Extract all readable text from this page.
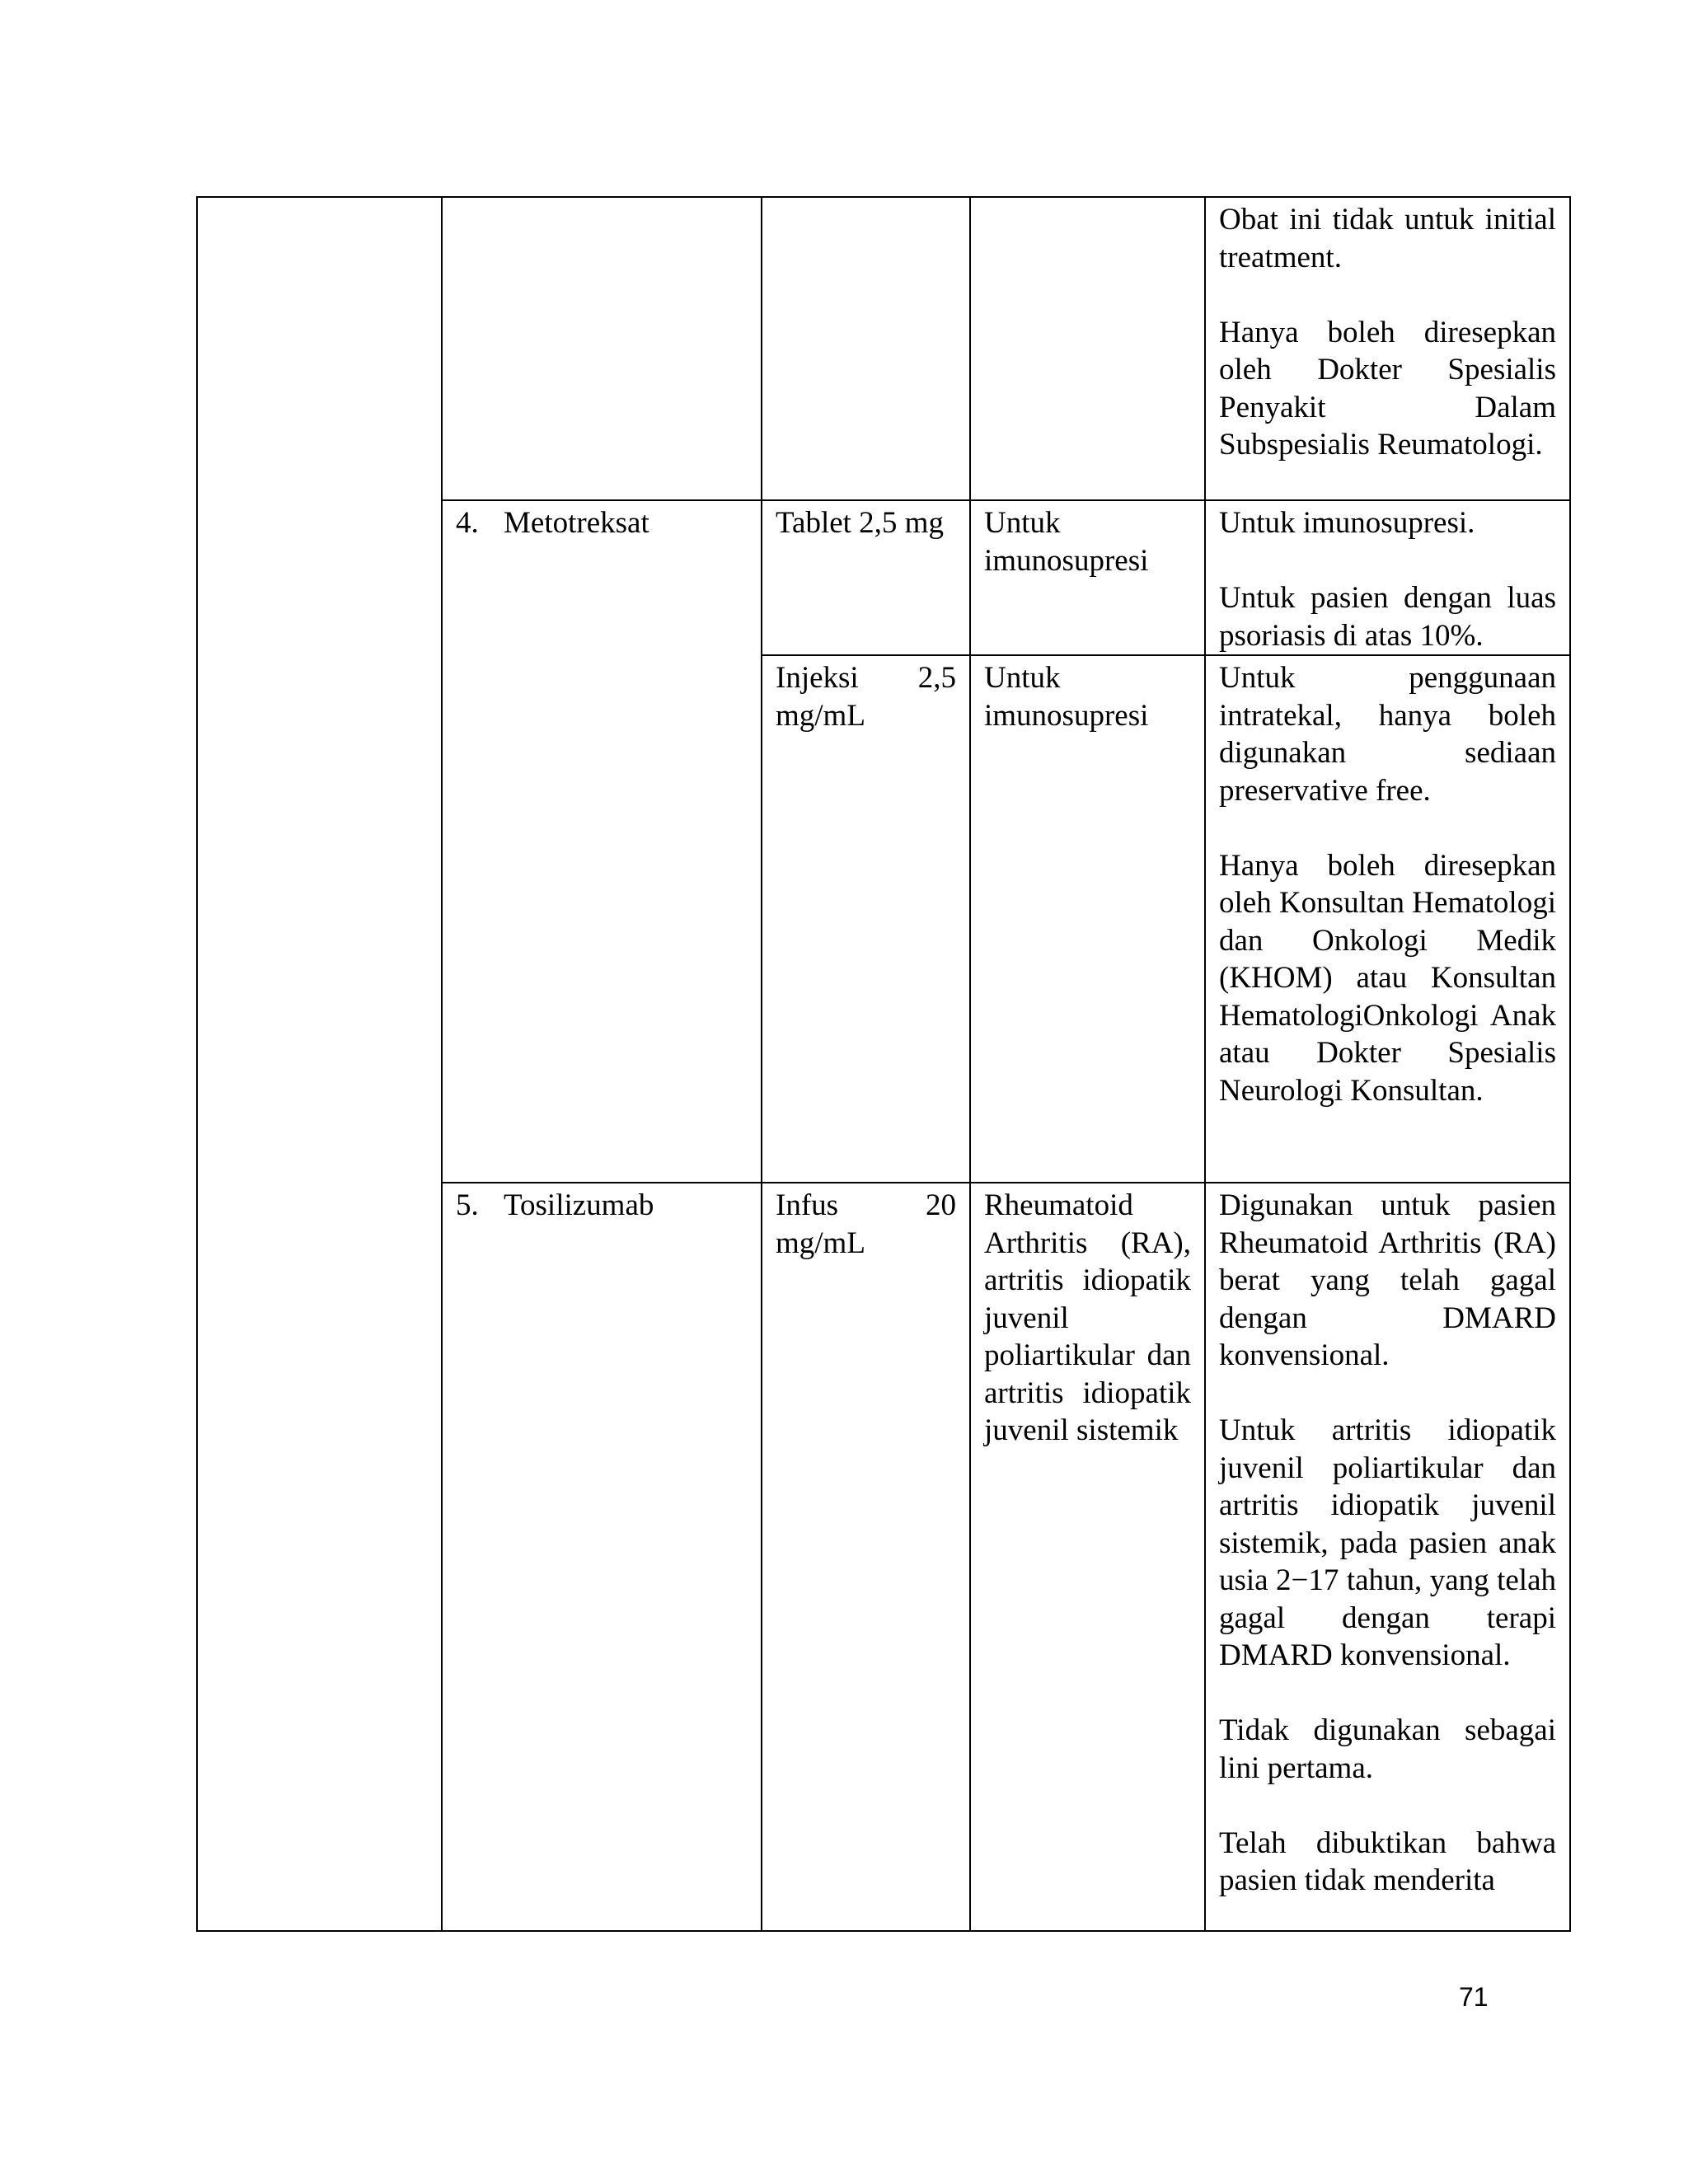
				Obat ini tidak untuk initial treatment.

Hanya boleh diresepkan oleh Dokter Spesialis Penyakit Dalam Subspesialis Reumatologi.

	4. Metotreksat	Tablet 2,5 mg	Untuk imunosupresi	Untuk imunosupresi.

Untuk pasien dengan luas psoriasis di atas 10%.

		Injeksi 2,5 mg/mL	Untuk imunosupresi	Untuk penggunaan intratekal, hanya boleh digunakan sediaan preservative free.

Hanya boleh diresepkan oleh Konsultan Hematologi dan Onkologi Medik (KHOM) atau Konsultan HematologiOnkologi Anak atau Dokter Spesialis Neurologi Konsultan.

	5. Tosilizumab	Infus 20 mg/mL	Rheumatoid Arthritis (RA), artritis idiopatik juvenil poliartikular dan artritis idiopatik juvenil sistemik	Digunakan untuk pasien Rheumatoid Arthritis (RA) berat yang telah gagal dengan DMARD konvensional.

Untuk artritis idiopatik juvenil poliartikular dan artritis idiopatik juvenil sistemik, pada pasien anak usia 2−17 tahun, yang telah gagal dengan terapi DMARD konvensional.

Tidak digunakan sebagai lini pertama.

Telah dibuktikan bahwa pasien tidak menderita

71
